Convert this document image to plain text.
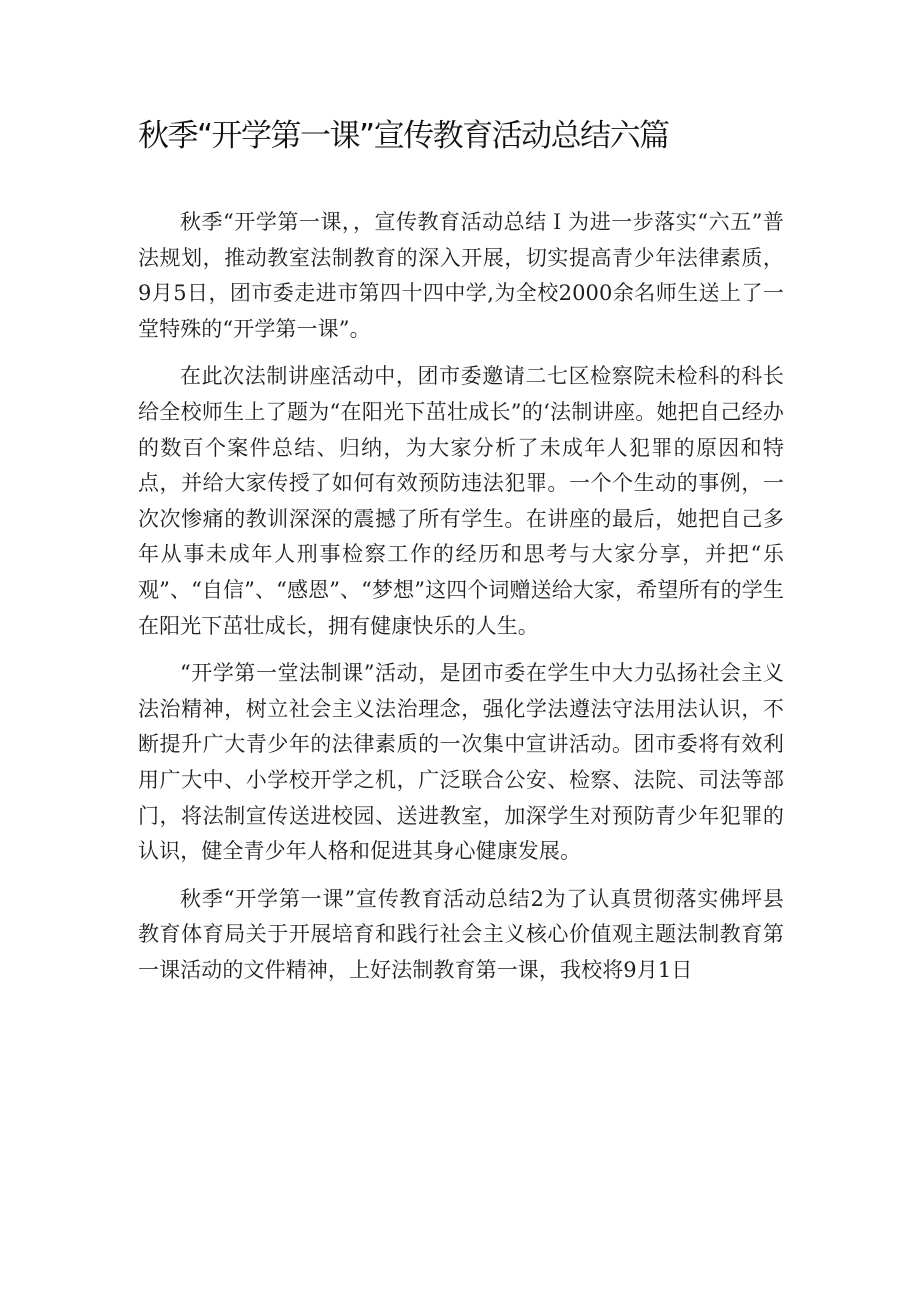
秋季“开学第一课”宣传教育活动总结六篇

秋季“开学第一课，，宣传教育活动总结Ｉ为进一步落实“六五”普法规划，推动教室法制教育的深入开展，切实提高青少年法律素质，9月5日，团市委走进市第四十四中学,为全校2000余名师生送上了一堂特殊的“开学第一课”。

在此次法制讲座活动中，团市委邀请二七区检察院未检科的科长给全校师生上了题为“在阳光下茁壮成长”的‘法制讲座。她把自己经办的数百个案件总结、归纳，为大家分析了未成年人犯罪的原因和特点，并给大家传授了如何有效预防违法犯罪。一个个生动的事例，一次次惨痛的教训深深的震撼了所有学生。在讲座的最后，她把自己多年从事未成年人刑事检察工作的经历和思考与大家分享，并把“乐观”、“自信”、“感恩”、“梦想”这四个词赠送给大家，希望所有的学生在阳光下茁壮成长，拥有健康快乐的人生。

“开学第一堂法制课”活动，是团市委在学生中大力弘扬社会主义法治精神，树立社会主义法治理念，强化学法遵法守法用法认识，不断提升广大青少年的法律素质的一次集中宣讲活动。团市委将有效利用广大中、小学校开学之机，广泛联合公安、检察、法院、司法等部门，将法制宣传送进校园、送进教室，加深学生对预防青少年犯罪的认识，健全青少年人格和促进其身心健康发展。

秋季“开学第一课”宣传教育活动总结2为了认真贯彻落实佛坪县教育体育局关于开展培育和践行社会主义核心价值观主题法制教育第一课活动的文件精神，上好法制教育第一课，我校将9月1日
